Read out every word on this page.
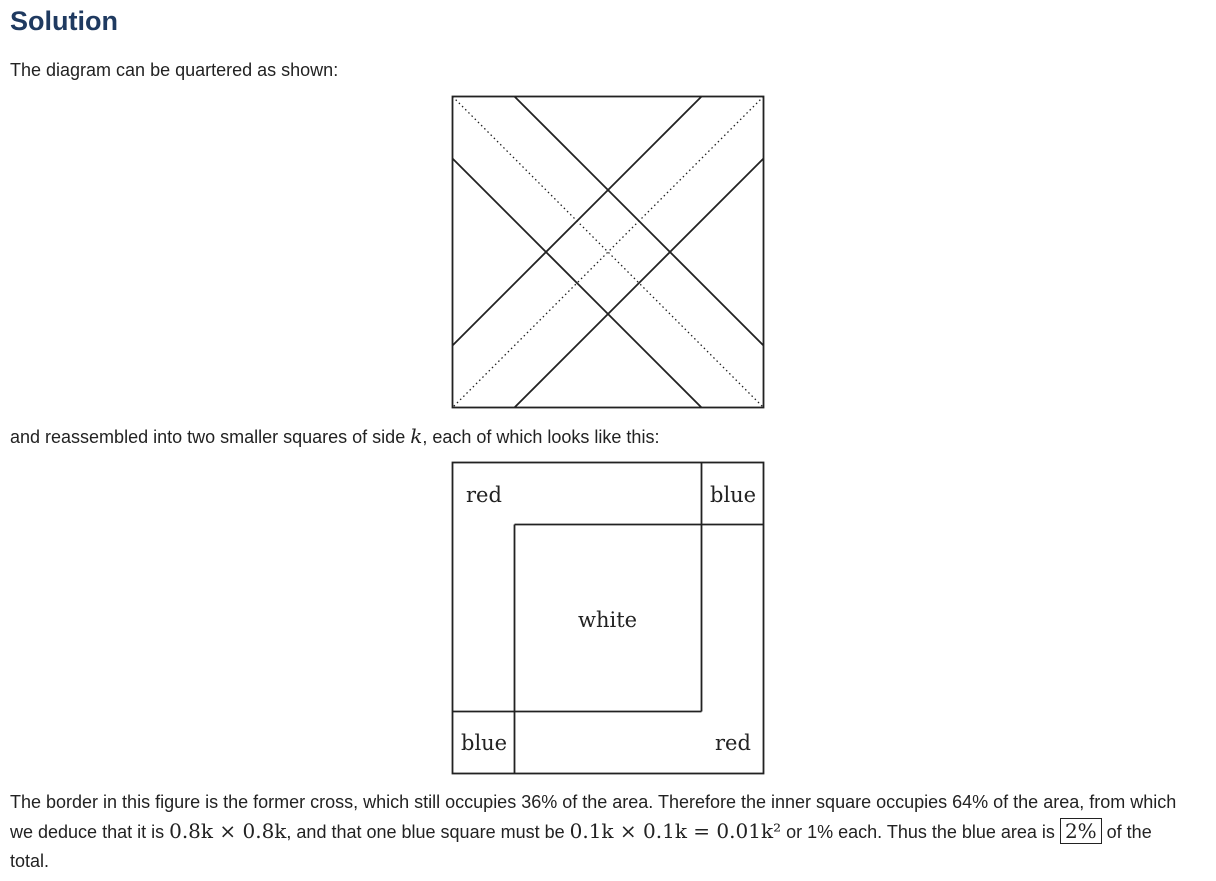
Solution

The diagram can be quartered as shown:

and reassembled into two smaller squares of side k, each of which looks like this:

red	blue
white
blue	red

The border in this figure is the former cross, which still occupies 36% of the area. Therefore the inner square occupies 64% of the area, from which we deduce that it is 0.8k × 0.8k, and that one blue square must be 0.1k × 0.1k = 0.01k² or 1% each. Thus the blue area is 2% of the total.
